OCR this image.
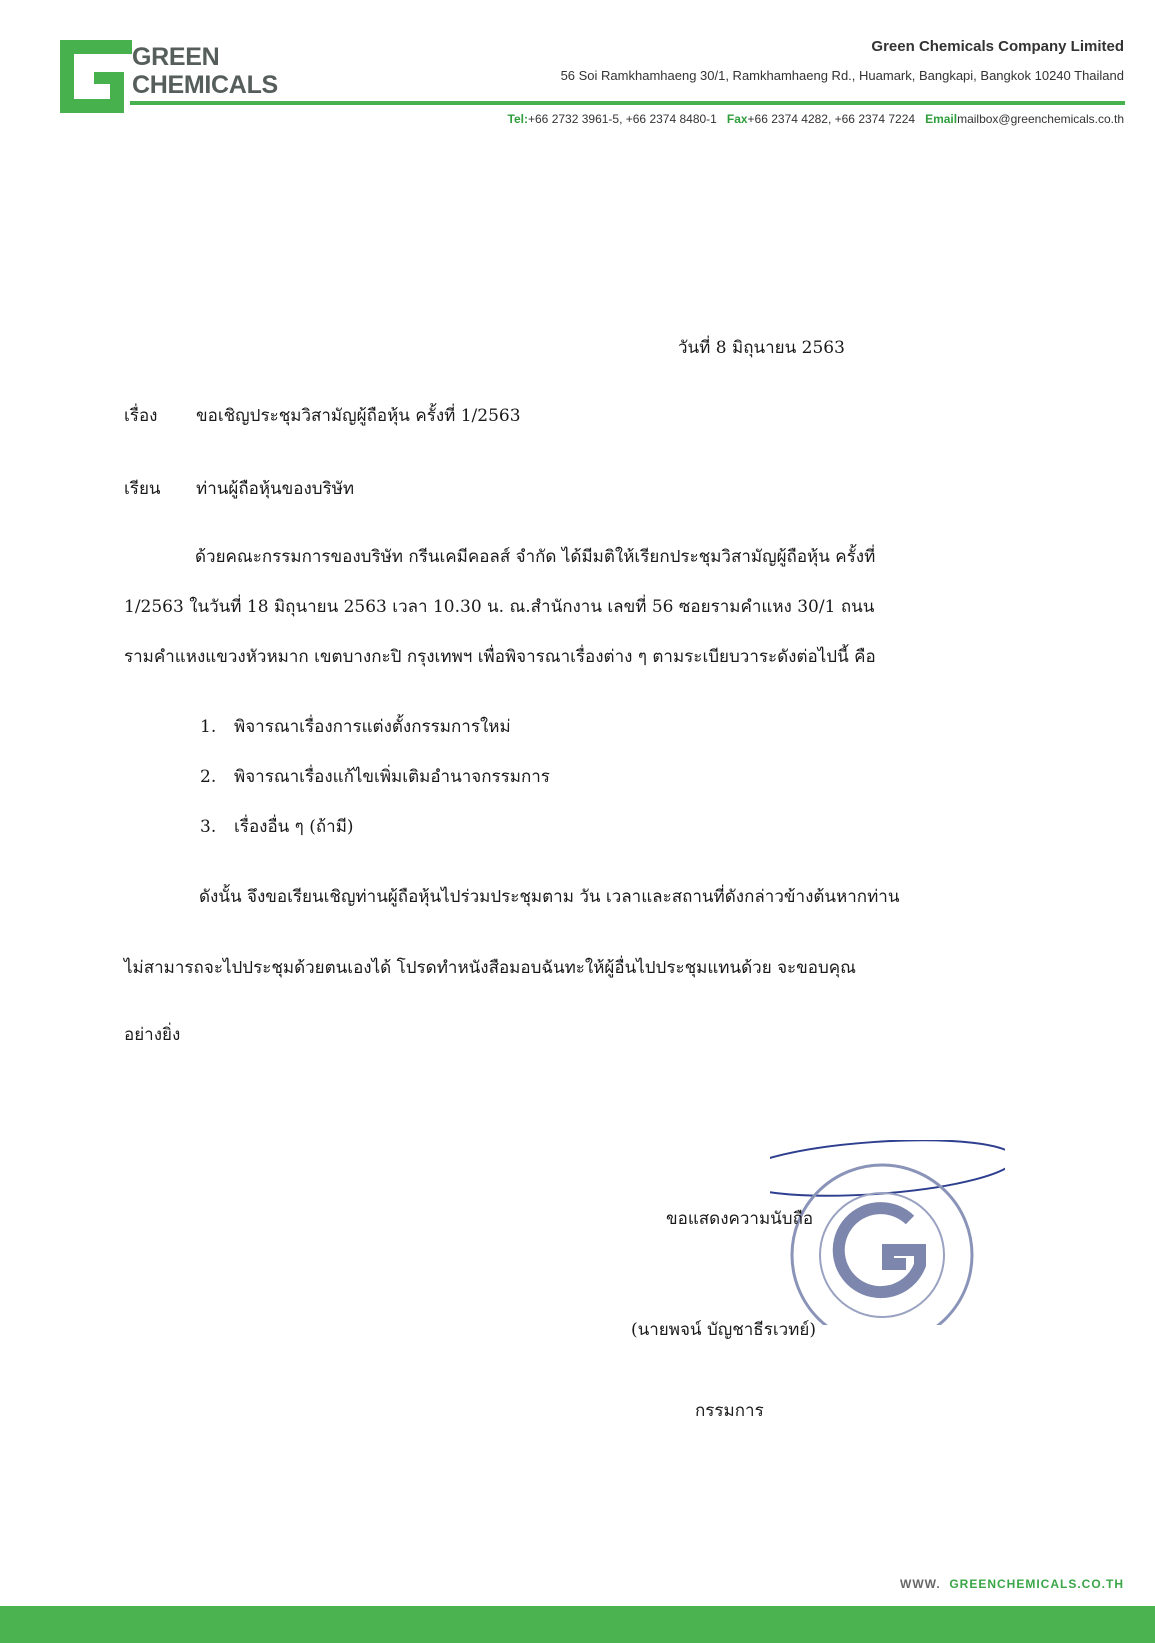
GREEN
CHEMICALS
Green Chemicals Company Limited
56 Soi Ramkhamhaeng 30/1, Ramkhamhaeng Rd., Huamark, Bangkapi, Bangkok 10240 Thailand
Tel:+66 2732 3961-5, +66 2374 8480-1 Fax+66 2374 4282, +66 2374 7224 Emailmailbox@greenchemicals.co.th
วันที่ 8 มิถุนายน 2563
เรื่อง ขอเชิญประชุมวิสามัญผู้ถือหุ้น ครั้งที่ 1/2563
เรียน ท่านผู้ถือหุ้นของบริษัท
ด้วยคณะกรรมการของบริษัท กรีนเคมีคอลส์ จำกัด ได้มีมติให้เรียกประชุมวิสามัญผู้ถือหุ้น ครั้งที่
1/2563 ในวันที่ 18 มิถุนายน 2563 เวลา 10.30 น. ณ.สำนักงาน เลขที่ 56 ซอยรามคำแหง 30/1 ถนน
รามคำแหงแขวงหัวหมาก เขตบางกะปิ กรุงเทพฯ เพื่อพิจารณาเรื่องต่าง ๆ ตามระเบียบวาระดังต่อไปนี้ คือ
1. พิจารณาเรื่องการแต่งตั้งกรรมการใหม่
2. พิจารณาเรื่องแก้ไขเพิ่มเติมอำนาจกรรมการ
3. เรื่องอื่น ๆ (ถ้ามี)
ดังนั้น จึงขอเรียนเชิญท่านผู้ถือหุ้นไปร่วมประชุมตาม วัน เวลาและสถานที่ดังกล่าวข้างต้นหากท่าน
ไม่สามารถจะไปประชุมด้วยตนเองได้ โปรดทำหนังสือมอบฉันทะให้ผู้อื่นไปประชุมแทนด้วย จะขอบคุณ
อย่างยิ่ง
ขอแสดงความนับถือ
(นายพจน์ บัญชาธีรเวทย์)
กรรมการ
WWW. GREENCHEMICALS.CO.TH
